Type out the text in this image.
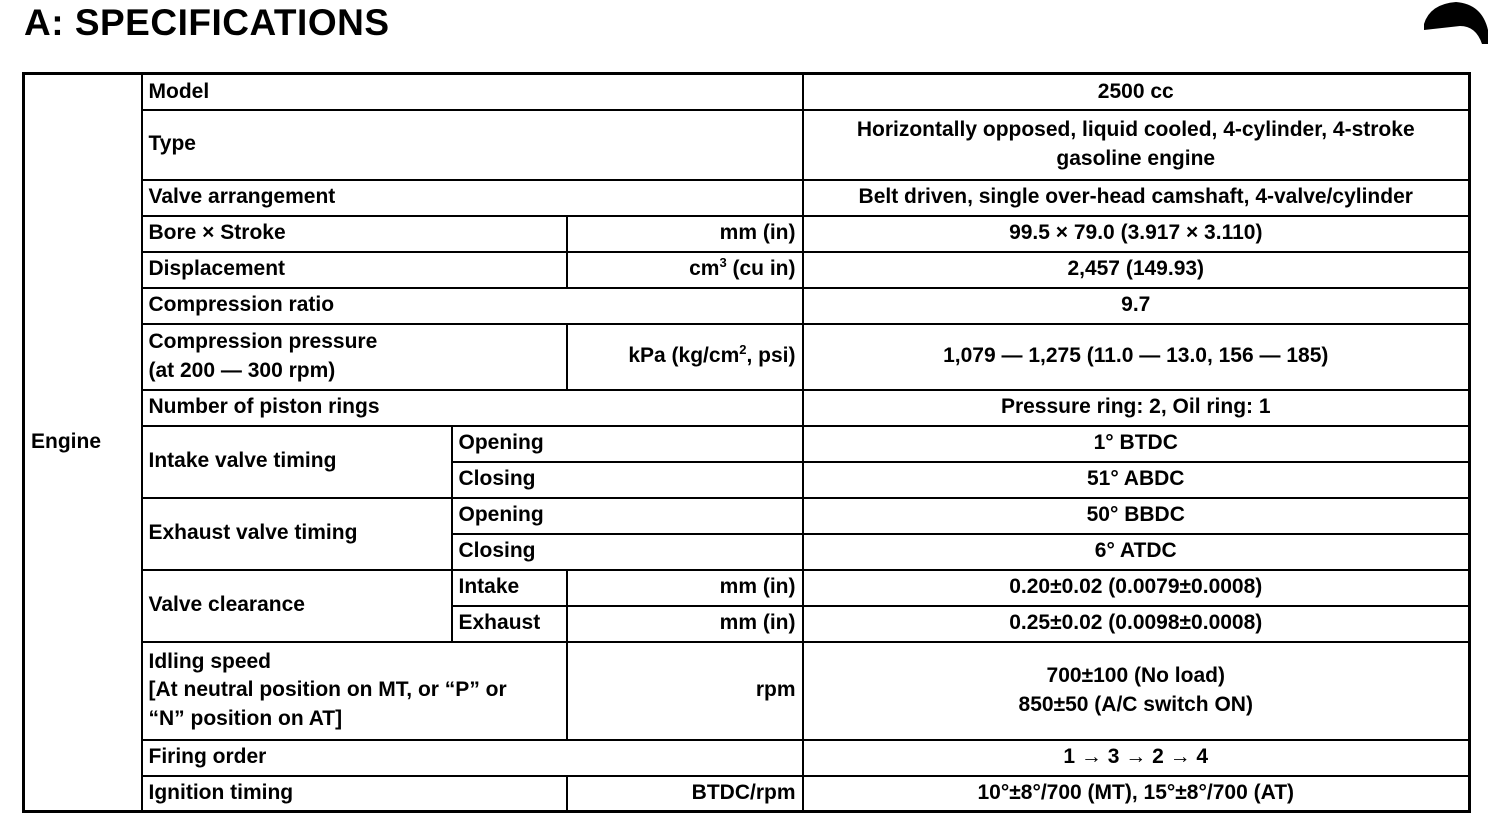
A: SPECIFICATIONS
Engine	Model			2500 cc
	Type			Horizontally opposed, liquid cooled, 4-cylinder, 4-stroke
gasoline engine
	Valve arrangement			Belt driven, single over-head camshaft, 4-valve/cylinder
	Bore × Stroke		mm (in)	99.5 × 79.0 (3.917 × 3.110)
	Displacement		$cm^3$ (cu in)	2,457 (149.93)
	Compression ratio			9.7
	Compression pressure
(at 200 — 300 rpm)		kPa ($kg/cm^2$, psi)	1,079 — 1,275 (11.0 — 13.0, 156 — 185)
	Number of piston rings			Pressure ring: 2, Oil ring: 1
	Intake valve timing	Opening		1° BTDC
		Closing		51° ABDC
	Exhaust valve timing	Opening		50° BBDC
		Closing		6° ATDC
	Valve clearance	Intake	mm (in)	0.20±0.02 (0.0079±0.0008)
		Exhaust	mm (in)	0.25±0.02 (0.0098±0.0008)
	Idling speed
[At neutral position on MT, or “P” or
“N” position on AT]		rpm	700±100 (No load)
850±50 (A/C switch ON)
	Firing order			1 → 3 → 2 → 4
	Ignition timing		BTDC/rpm	10°±8°/700 (MT), 15°±8°/700 (AT)
